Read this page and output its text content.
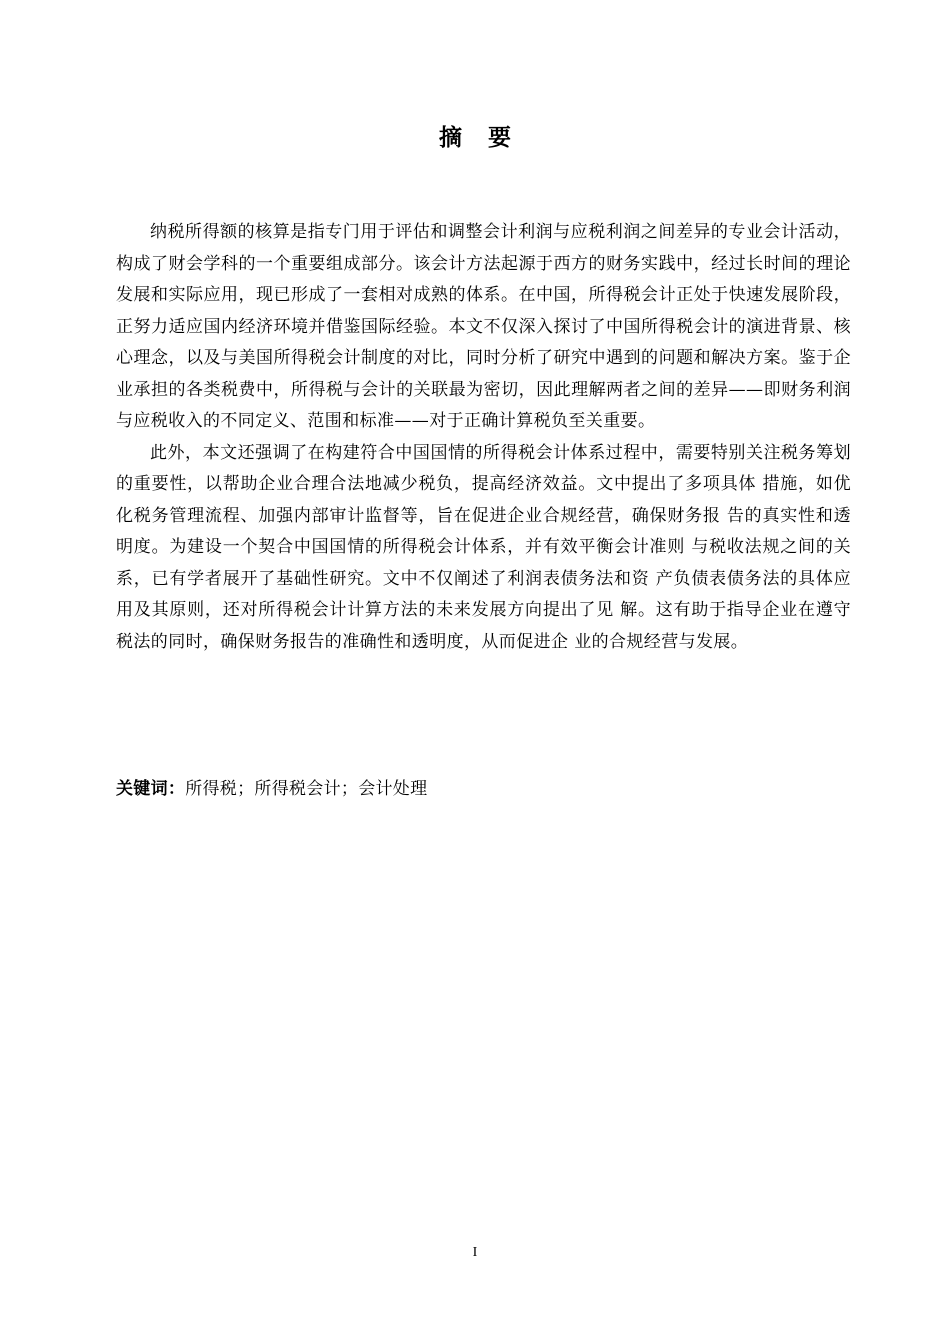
摘 要

纳税所得额的核算是指专门用于评估和调整会计利润与应税利润之间差异的专业会计活动，构成了财会学科的一个重要组成部分。该会计方法起源于西方的财务实践中，经过长时间的理论发展和实际应用，现已形成了一套相对成熟的体系。在中国，所得税会计正处于快速发展阶段，正努力适应国内经济环境并借鉴国际经验。本文不仅深入探讨了中国所得税会计的演进背景、核心理念，以及与美国所得税会计制度的对比，同时分析了研究中遇到的问题和解决方案。鉴于企业承担的各类税费中，所得税与会计的关联最为密切，因此理解两者之间的差异——即财务利润与应税收入的不同定义、范围和标准——对于正确计算税负至关重要。

此外，本文还强调了在构建符合中国国情的所得税会计体系过程中，需要特别关注税务筹划的重要性，以帮助企业合理合法地减少税负，提高经济效益。文中提出了多项具体 措施，如优化税务管理流程、加强内部审计监督等，旨在促进企业合规经营，确保财务报 告的真实性和透明度。为建设一个契合中国国情的所得税会计体系，并有效平衡会计准则 与税收法规之间的关系，已有学者展开了基础性研究。文中不仅阐述了利润表债务法和资 产负债表债务法的具体应用及其原则，还对所得税会计计算方法的未来发展方向提出了见 解。这有助于指导企业在遵守税法的同时，确保财务报告的准确性和透明度，从而促进企 业的合规经营与发展。

关键词：所得税；所得税会计；会计处理
I
